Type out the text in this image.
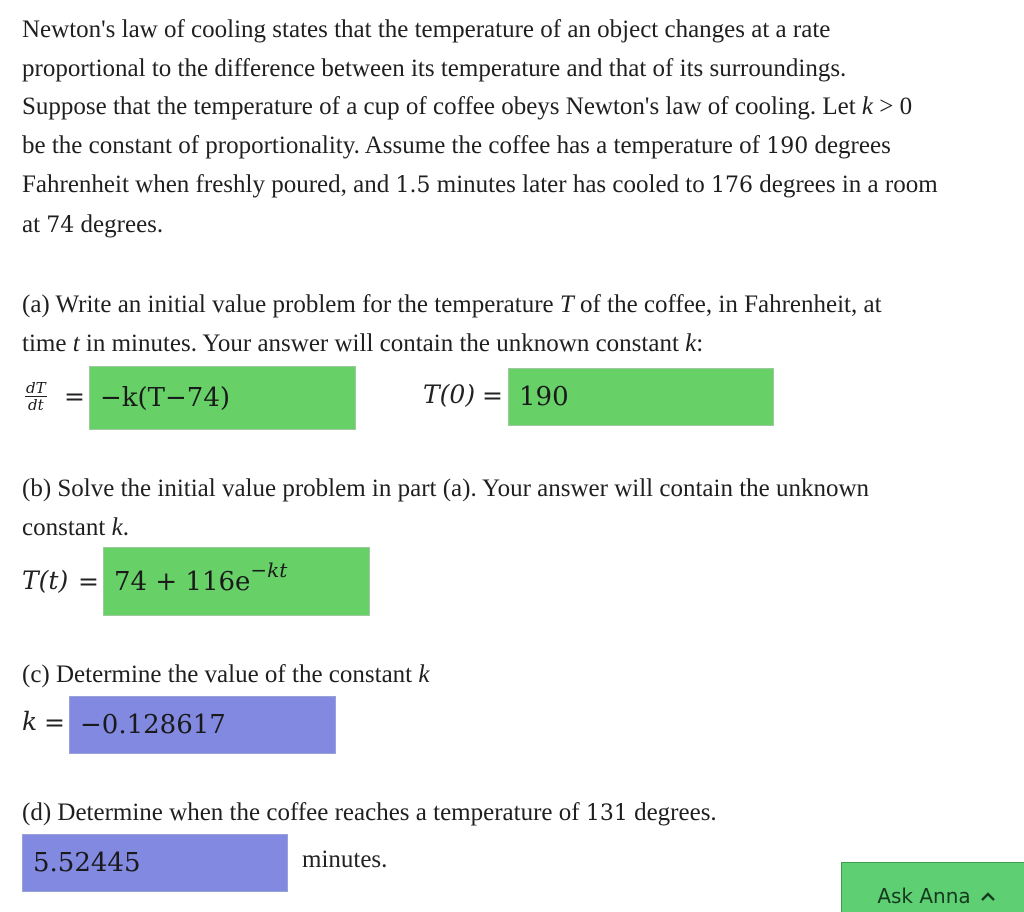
Newton's law of cooling states that the temperature of an object changes at a rate

proportional to the difference between its temperature and that of its surroundings.

Suppose that the temperature of a cup of coffee obeys Newton's law of cooling. Let k > 0

be the constant of proportionality. Assume the coffee has a temperature of 190 degrees

Fahrenheit when freshly poured, and 1.5 minutes later has cooled to 176 degrees in a room

at 74 degrees.

(a) Write an initial value problem for the temperature T of the coffee, in Fahrenheit, at

time t in minutes. Your answer will contain the unknown constant k:

$\frac{dT}{dt} = -k(T-74)$	T(0) = 190

(b) Solve the initial value problem in part (a). Your answer will contain the unknown

constant k.

T(t) = 74 + 116e −kt

(c) Determine the value of the constant k

k = −0.128617

(d) Determine when the coffee reaches a temperature of 131 degrees.

5.52445	minutes.
Ask Anna
